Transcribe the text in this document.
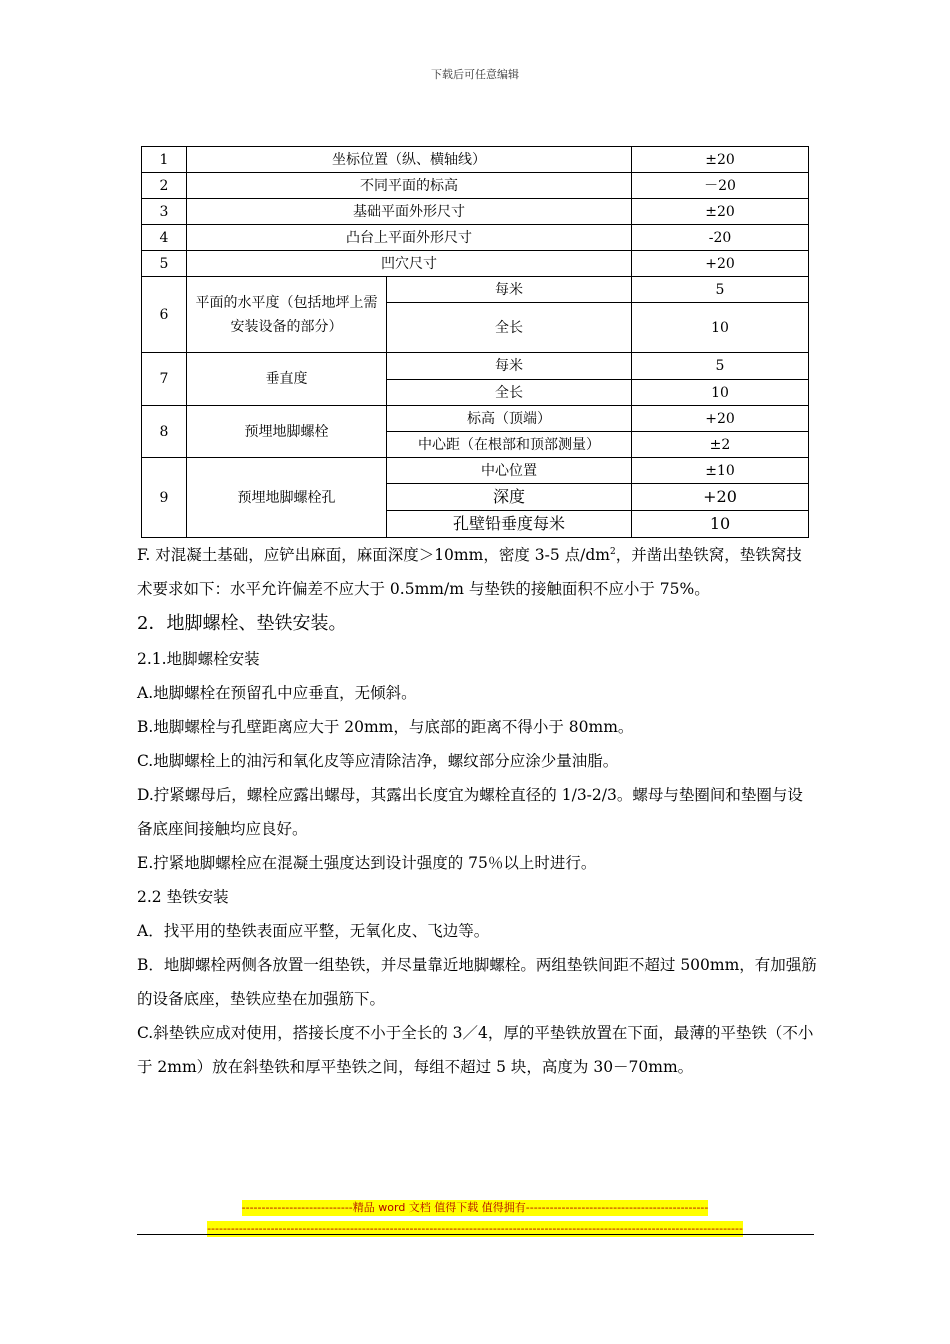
下载后可任意编辑
1	坐标位置（纵、横轴线）		±20
2	不同平面的标高		－20
3	基础平面外形尺寸		±20
4	凸台上平面外形尺寸		-20
5	凹穴尺寸		+20
6	平面的水平度（包括地坪上需安装设备的部分）	每米	5
		全长	10
7	垂直度	每米	5
		全长	10
8	预埋地脚螺栓	标高（顶端）	+20
		中心距（在根部和顶部测量）	±2
9	预埋地脚螺栓孔	中心位置	±10
		深度	+20
		孔壁铅垂度每米	10

F. 对混凝土基础，应铲出麻面，麻面深度＞10mm，密度 3-5 点$/dm^2$，并凿出垫铁窝，垫铁窝技术要求如下：水平允许偏差不应大于 0.5mm/m 与垫铁的接触面积不应小于 75%。

2．地脚螺栓、垫铁安装。

2.1.地脚螺栓安装

A.地脚螺栓在预留孔中应垂直，无倾斜。

B.地脚螺栓与孔壁距离应大于 20mm，与底部的距离不得小于 80mm。

C.地脚螺栓上的油污和氧化皮等应清除洁净，螺纹部分应涂少量油脂。

D.拧紧螺母后，螺栓应露出螺母，其露出长度宜为螺栓直径的 1/3-2/3。螺母与垫圈间和垫圈与设备底座间接触均应良好。

E.拧紧地脚螺栓应在混凝土强度达到设计强度的 75％以上时进行。

2.2 垫铁安装

A．找平用的垫铁表面应平整，无氧化皮、飞边等。

B．地脚螺栓两侧各放置一组垫铁，并尽量靠近地脚螺栓。两组垫铁间距不超过 500mm，有加强筋的设备底座，垫铁应垫在加强筋下。

C.斜垫铁应成对使用，搭接长度不小于全长的 3／4，厚的平垫铁放置在下面，最薄的平垫铁（不小于 2mm）放在斜垫铁和厚平垫铁之间，每组不超过 5 块，高度为 30－70mm。

----------------------------精品 word 文档 值得下载 值得拥有----------------------------------------------
---------------------------------------------------------------------------------------------------------------------------------------
